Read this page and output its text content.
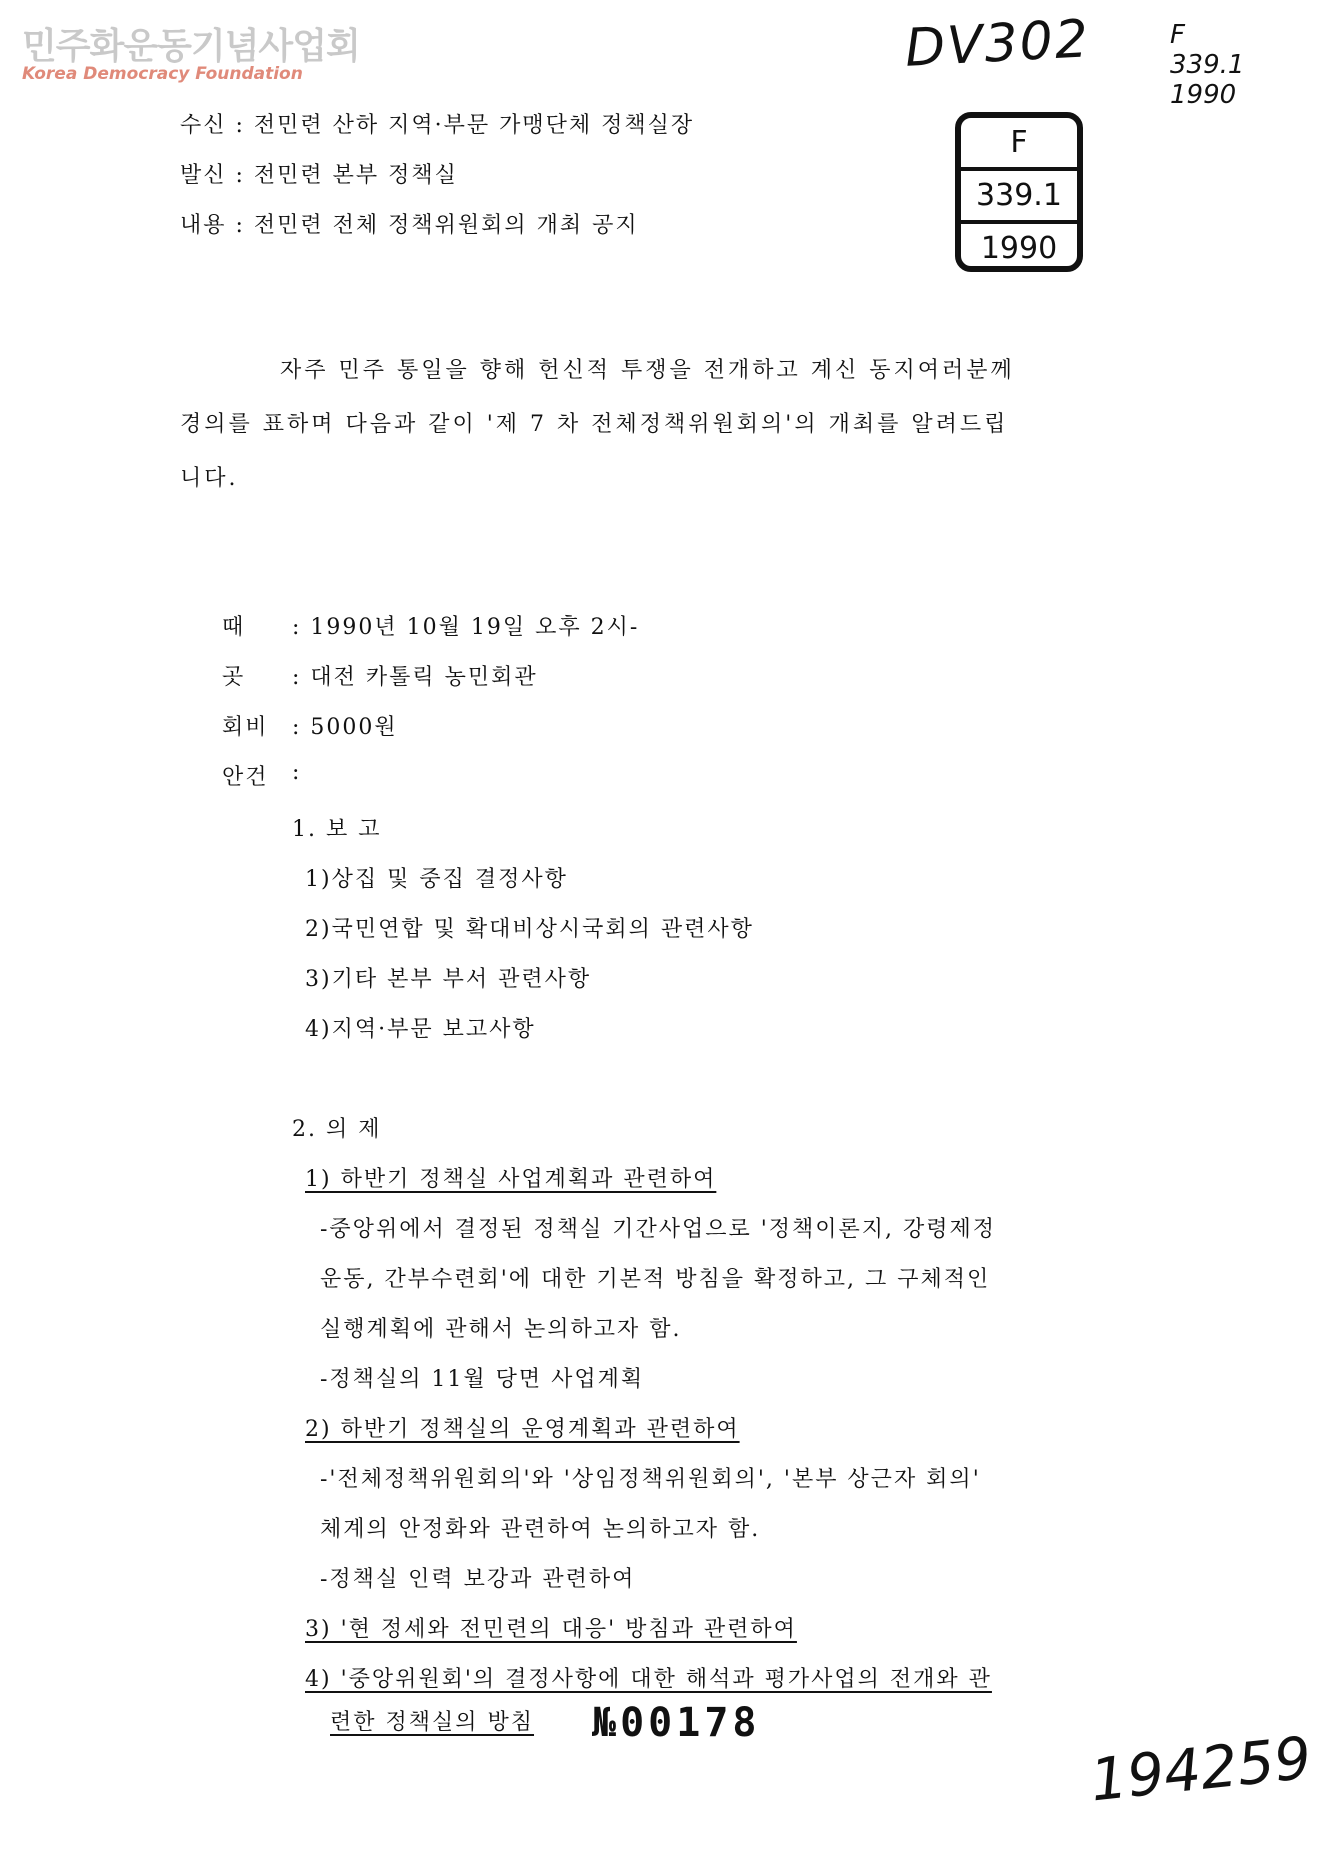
민주화운동기념사업회
Korea Democracy Foundation	DV302	F
339.1
1990
F
339.1
1990
수신 : 전민련 산하 지역·부문 가맹단체 정책실장
발신 : 전민련 본부 정책실
내용 : 전민련 전체 정책위원회의 개최 공지
자주 민주 통일을 향해 헌신적 투쟁을 전개하고 계신 동지여러분께
경의를 표하며 다음과 같이 '제 7 차 전체정책위원회의'의 개최를 알려드립
니다.
때 : 1990년 10월 19일 오후 2시-
곳 : 대전 카톨릭 농민회관
회비 : 5000원
안건 :
1. 보 고
1)상집 및 중집 결정사항
2)국민연합 및 확대비상시국회의 관련사항
3)기타 본부 부서 관련사항
4)지역·부문 보고사항
2. 의 제
1) 하반기 정책실 사업계획과 관련하여
-중앙위에서 결정된 정책실 기간사업으로 '정책이론지, 강령제정
운동, 간부수련회'에 대한 기본적 방침을 확정하고, 그 구체적인
실행계획에 관해서 논의하고자 함.
-정책실의 11월 당면 사업계획
2) 하반기 정책실의 운영계획과 관련하여
-'전체정책위원회의'와 '상임정책위원회의', '본부 상근자 회의'
체계의 안정화와 관련하여 논의하고자 함.
-정책실 인력 보강과 관련하여
3) '현 정세와 전민련의 대응' 방침과 관련하여
4) '중앙위원회'의 결정사항에 대한 해석과 평가사업의 전개와 관
련한 정책실의 방침 №00178
194259
